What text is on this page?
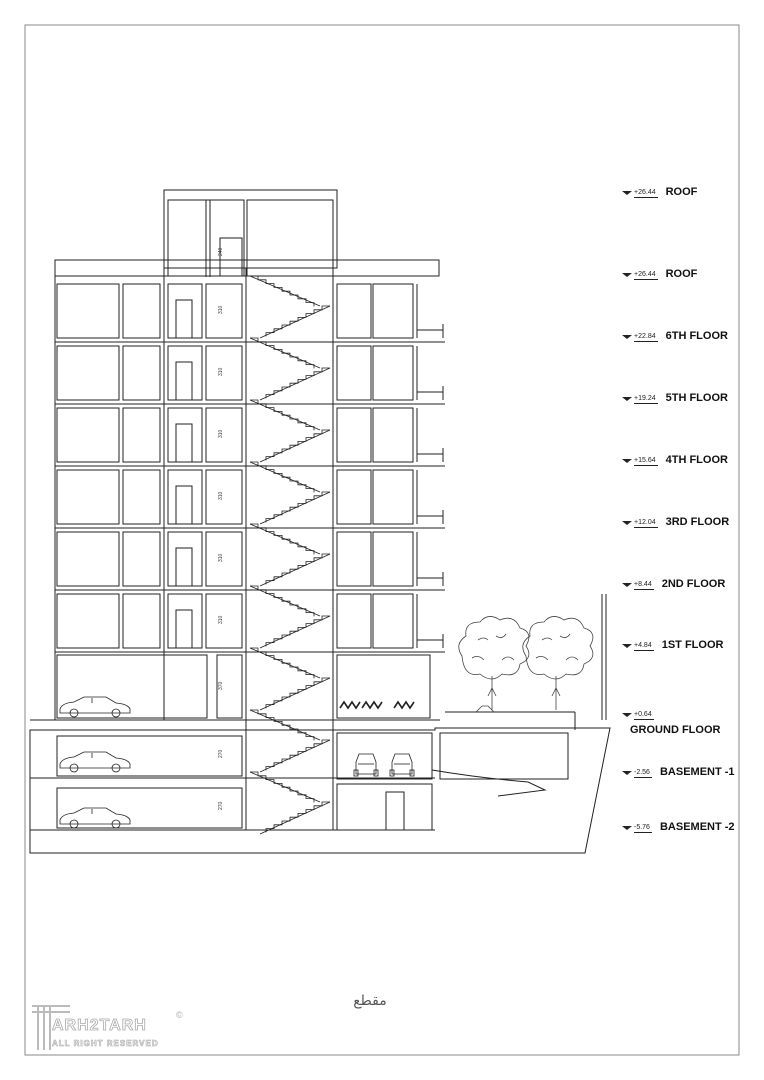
310
310
310
310
310
310
240
370
270
270
+26.44 ROOF
+26.44 ROOF
+22.84 6TH FLOOR
+19.24 5TH FLOOR
+15.64 4TH FLOOR
+12.04 3RD FLOOR
+8.44 2ND FLOOR
+4.84 1ST FLOOR
+0.64
GROUND FLOOR
-2.56 BASEMENT -1
-5.76 BASEMENT -2
مقطع
ARH2TARH
ALL RIGHT RESERVED
©
